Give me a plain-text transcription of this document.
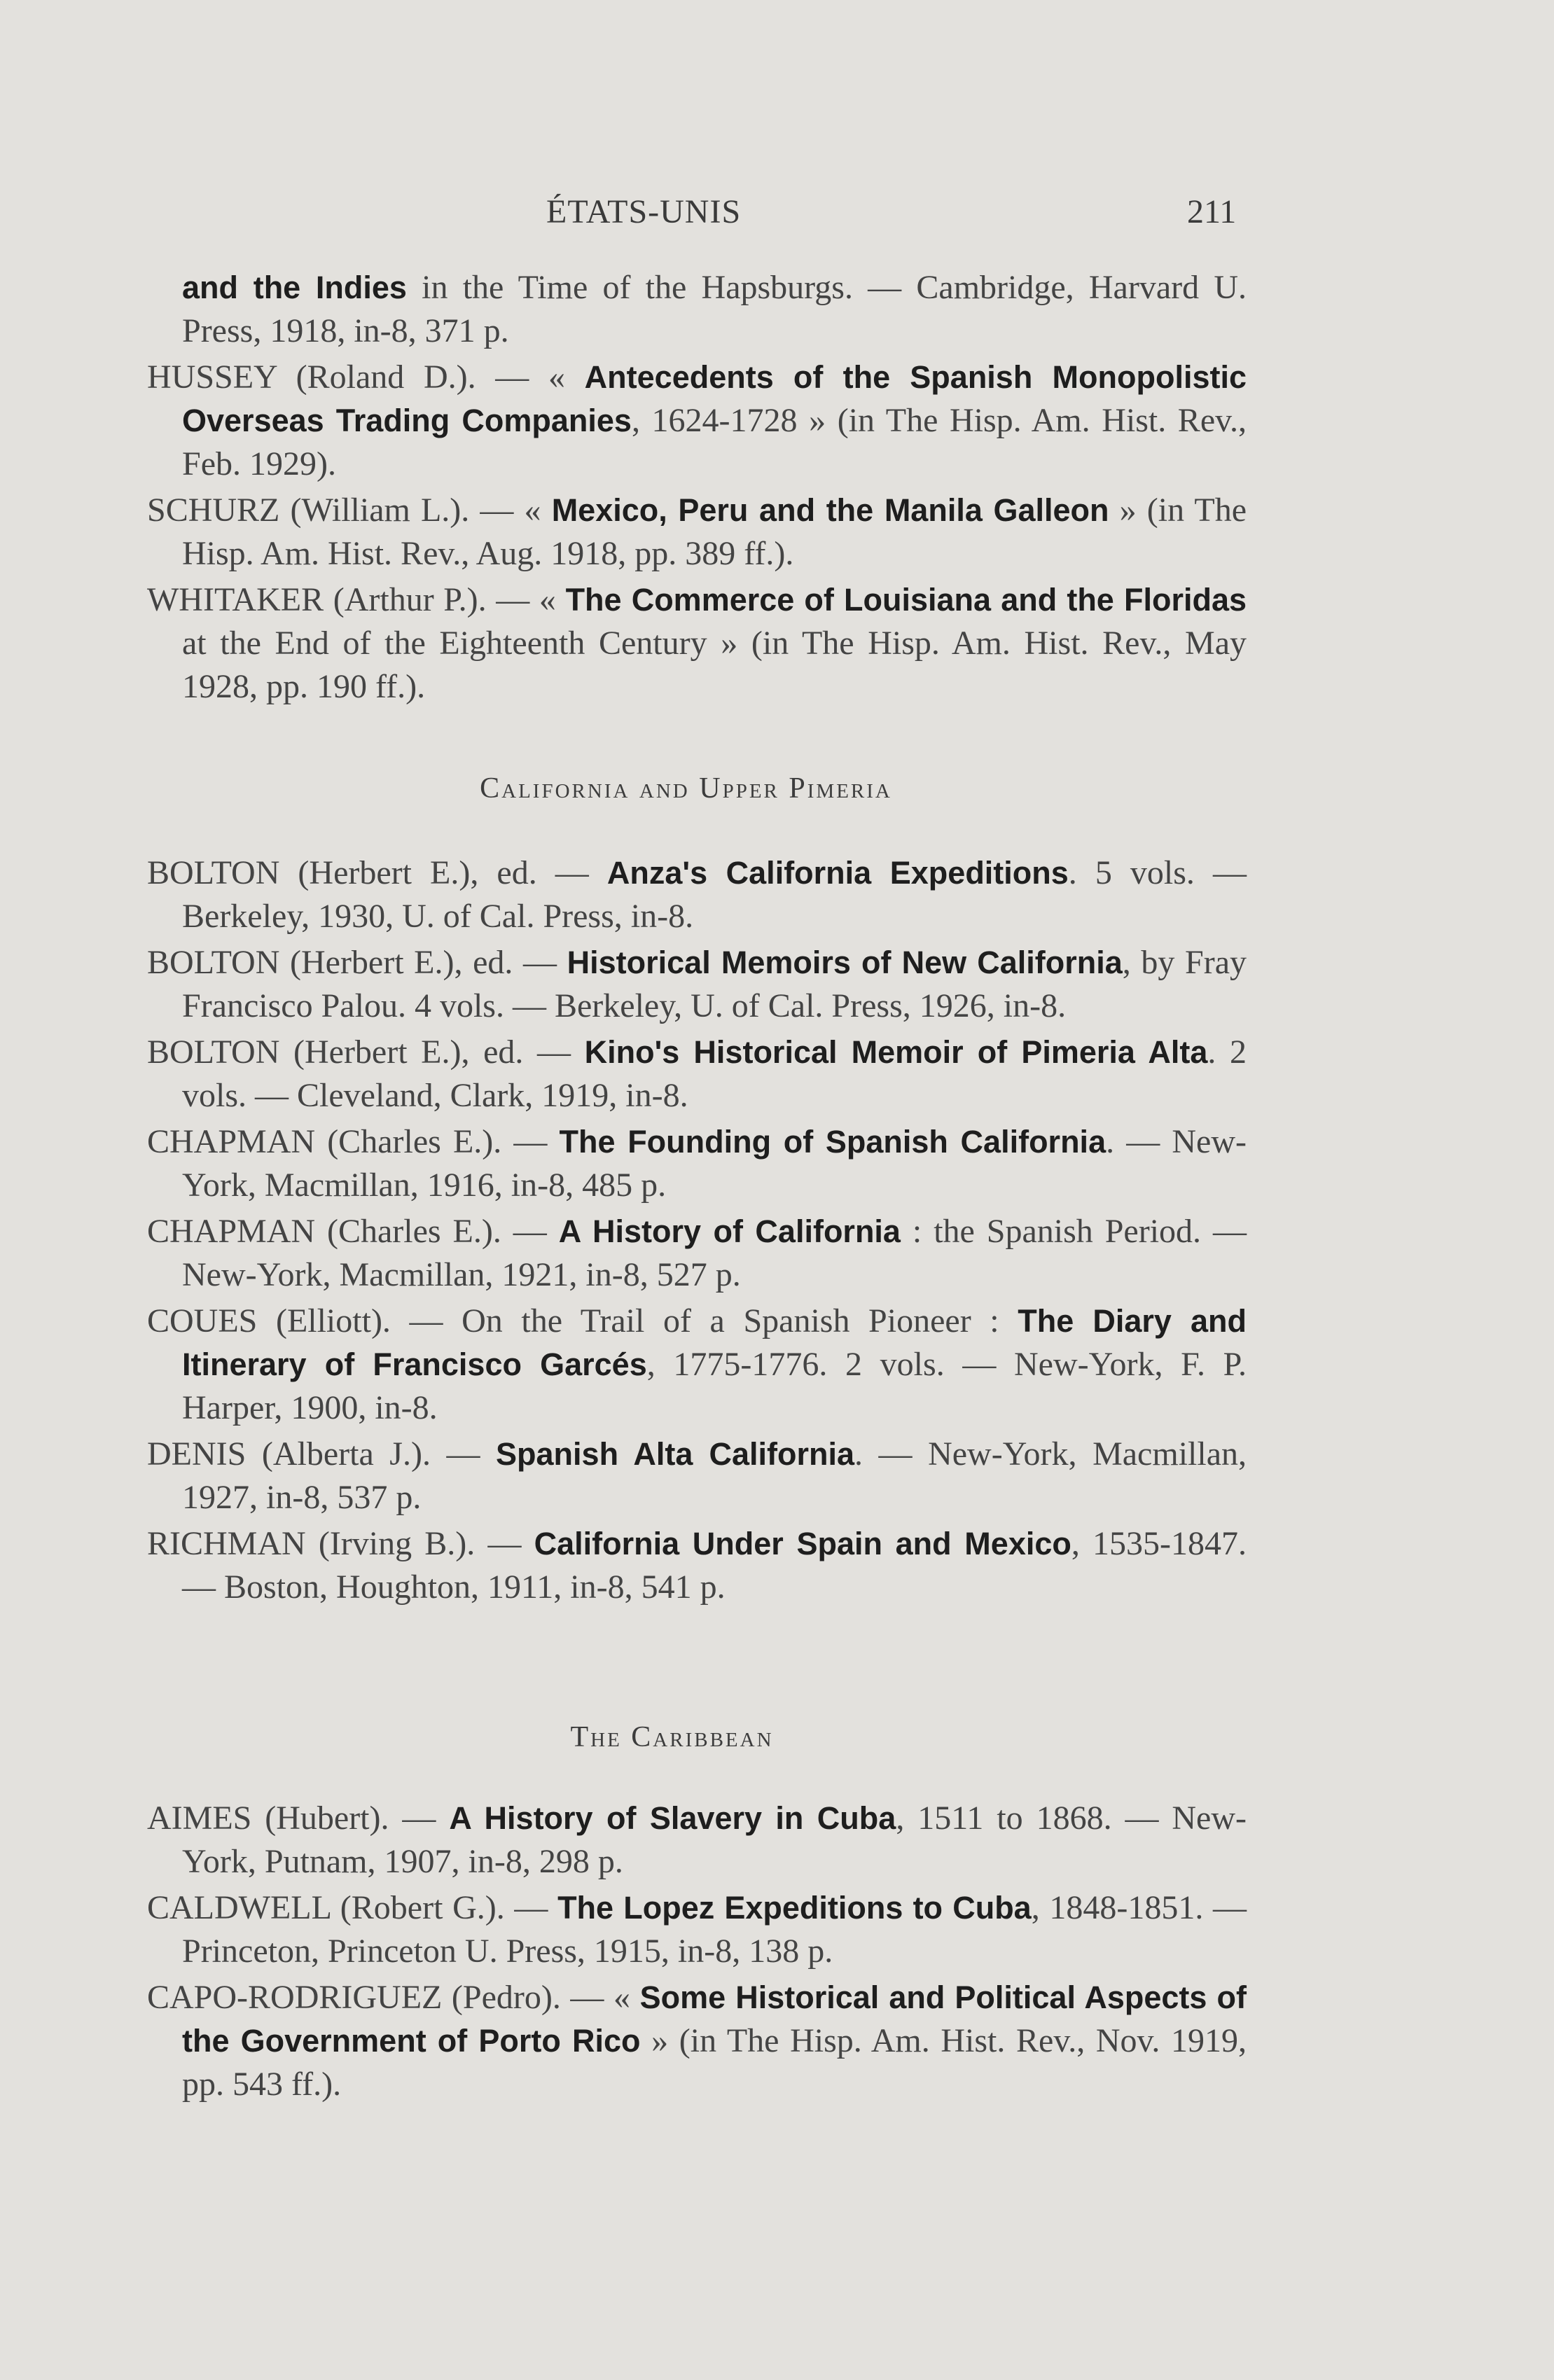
ÉTATS-UNIS	211

and the Indies in the Time of the Hapsburgs. — Cambridge, Harvard U. Press, 1918, in-8, 371 p.

HUSSEY (Roland D.). — « Antecedents of the Spanish Monopolistic Overseas Trading Companies, 1624-1728 » (in The Hisp. Am. Hist. Rev., Feb. 1929).

SCHURZ (William L.). — « Mexico, Peru and the Manila Galleon » (in The Hisp. Am. Hist. Rev., Aug. 1918, pp. 389 ff.).

WHITAKER (Arthur P.). — « The Commerce of Louisiana and the Floridas at the End of the Eighteenth Century » (in The Hisp. Am. Hist. Rev., May 1928, pp. 190 ff.).

California and Upper Pimeria

BOLTON (Herbert E.), ed. — Anza's California Expeditions. 5 vols. — Berkeley, 1930, U. of Cal. Press, in-8.

BOLTON (Herbert E.), ed. — Historical Memoirs of New California, by Fray Francisco Palou. 4 vols. — Berkeley, U. of Cal. Press, 1926, in-8.

BOLTON (Herbert E.), ed. — Kino's Historical Memoir of Pimeria Alta. 2 vols. — Cleveland, Clark, 1919, in-8.

CHAPMAN (Charles E.). — The Founding of Spanish California. — New-York, Macmillan, 1916, in-8, 485 p.

CHAPMAN (Charles E.). — A History of California : the Spanish Period. — New-York, Macmillan, 1921, in-8, 527 p.

COUES (Elliott). — On the Trail of a Spanish Pioneer : The Diary and Itinerary of Francisco Garcés, 1775-1776. 2 vols. — New-York, F. P. Harper, 1900, in-8.

DENIS (Alberta J.). — Spanish Alta California. — New-York, Macmillan, 1927, in-8, 537 p.

RICHMAN (Irving B.). — California Under Spain and Mexico, 1535-1847. — Boston, Houghton, 1911, in-8, 541 p.

The Caribbean

AIMES (Hubert). — A History of Slavery in Cuba, 1511 to 1868. — New-York, Putnam, 1907, in-8, 298 p.

CALDWELL (Robert G.). — The Lopez Expeditions to Cuba, 1848-1851. — Princeton, Princeton U. Press, 1915, in-8, 138 p.

CAPO-RODRIGUEZ (Pedro). — « Some Historical and Political Aspects of the Government of Porto Rico » (in The Hisp. Am. Hist. Rev., Nov. 1919, pp. 543 ff.).
